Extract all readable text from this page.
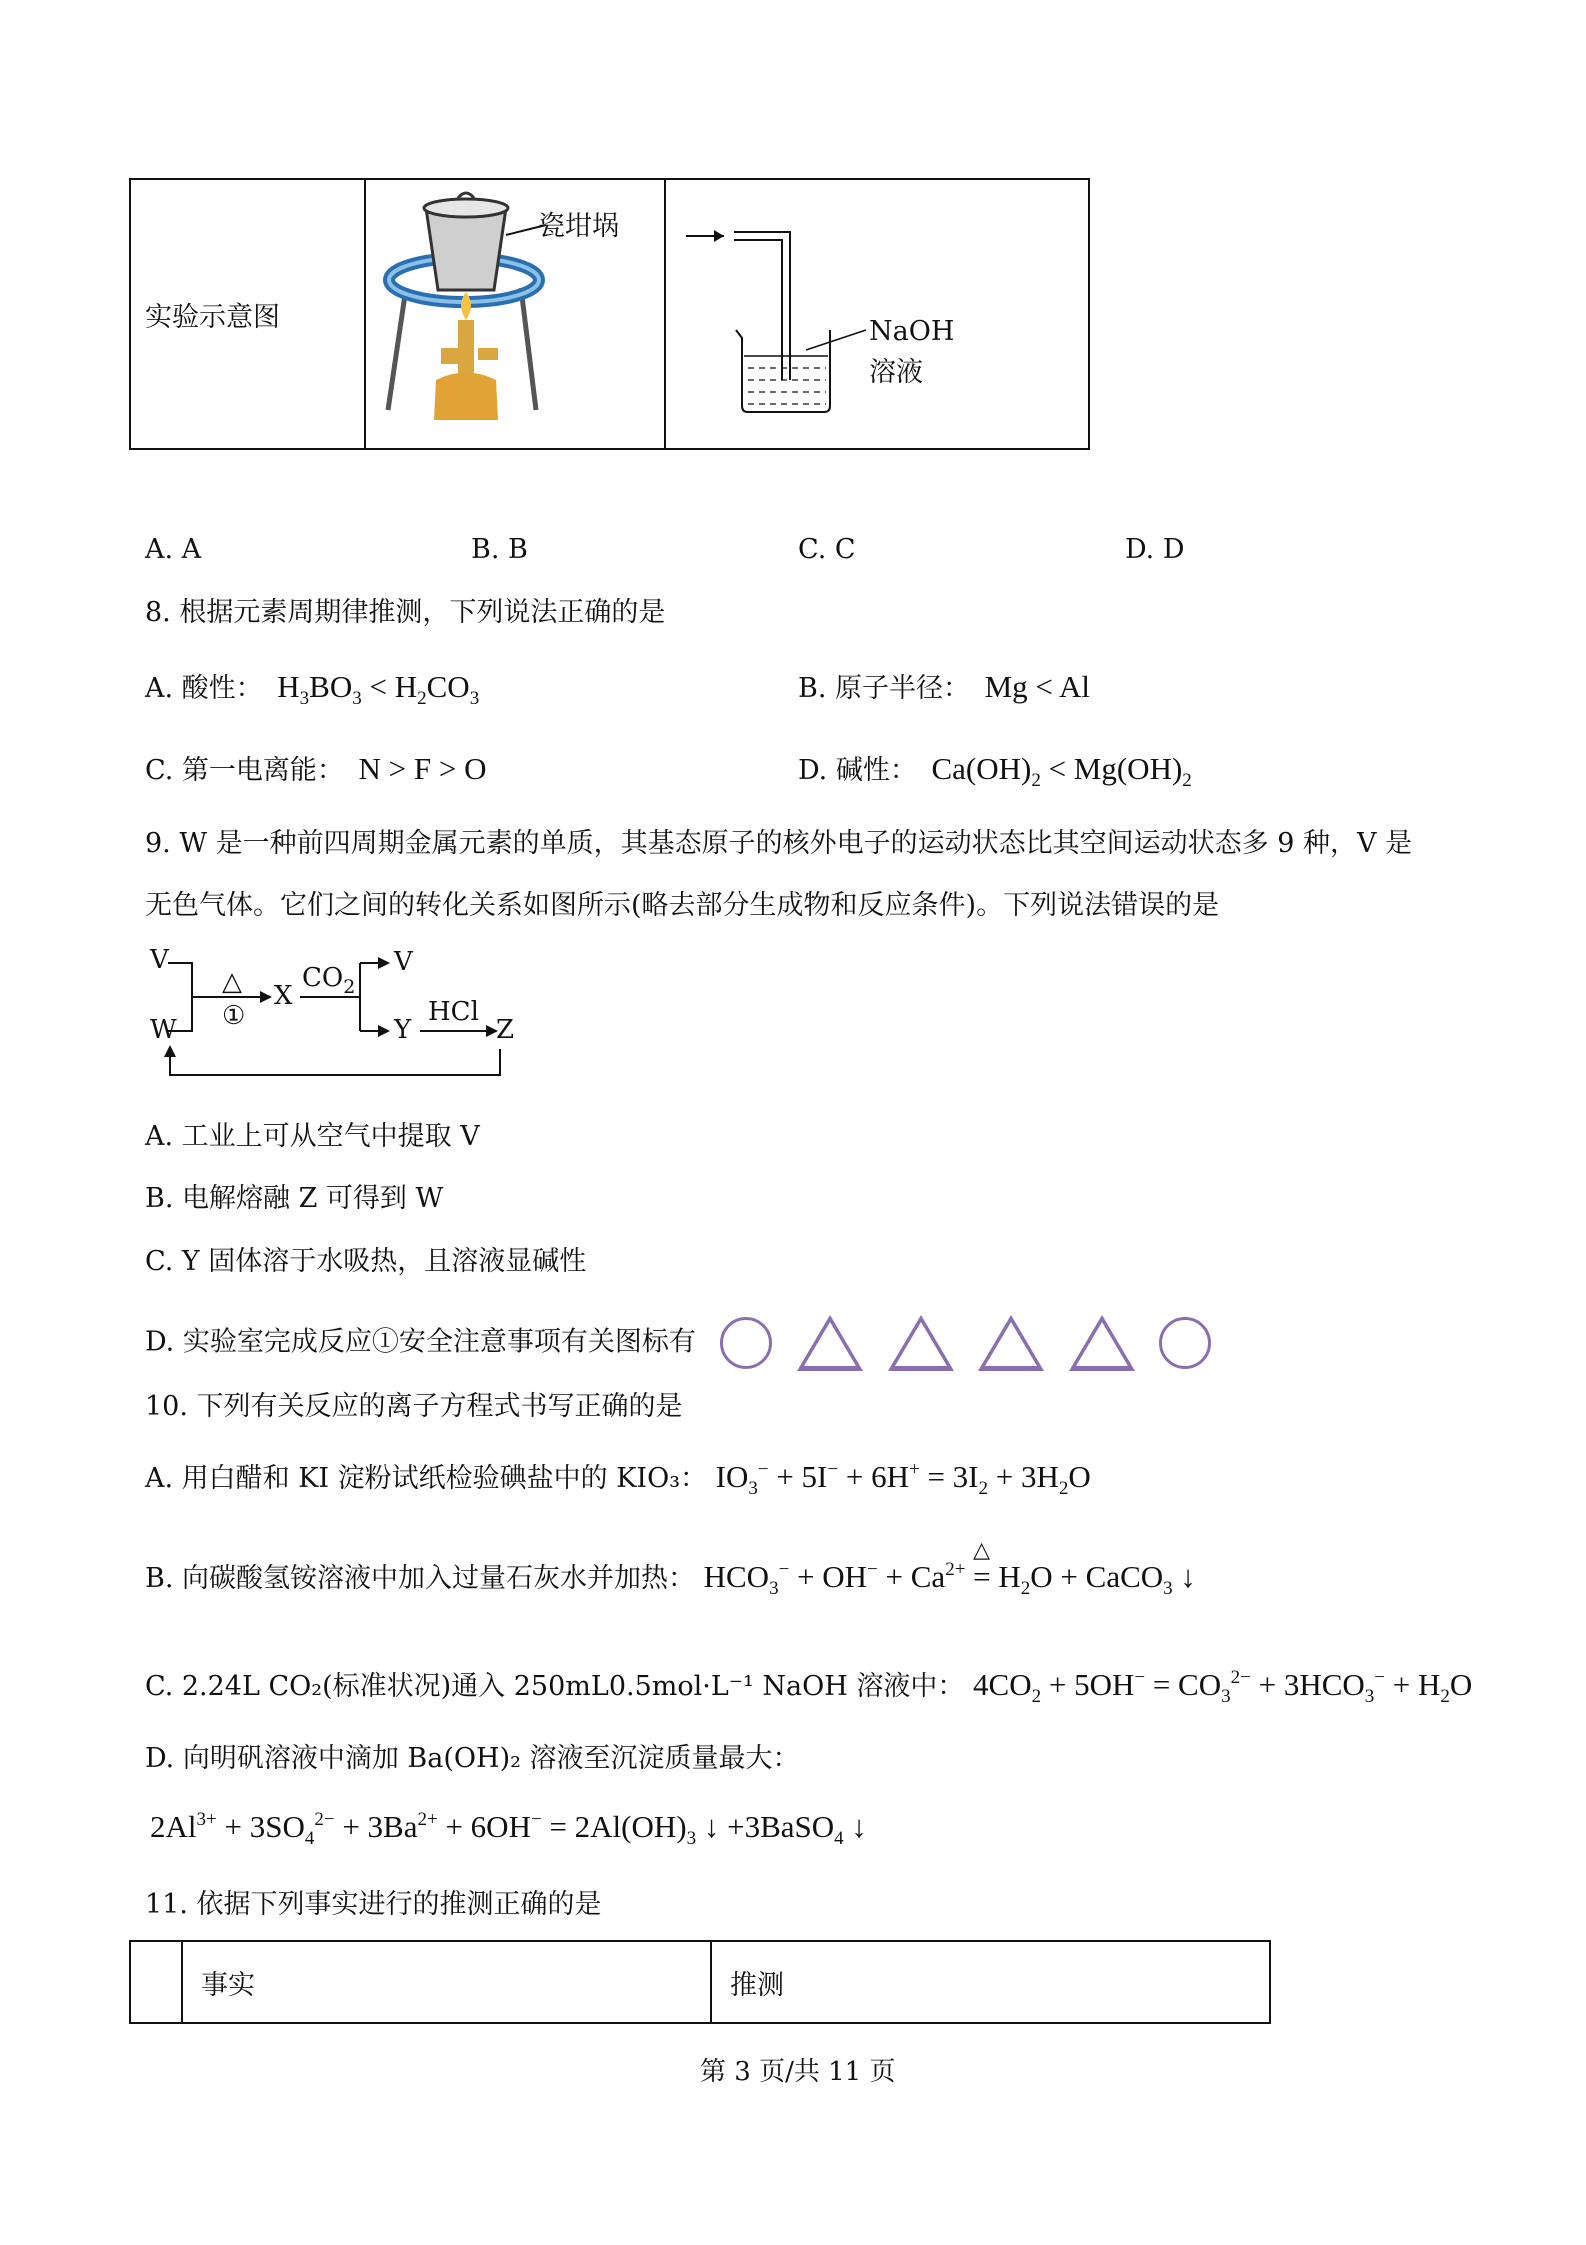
实验示意图	
瓷坩埚

NaOH
溶液
A. A	B. B	C. C	D. D
8. 根据元素周期律推测，下列说法正确的是
A. 酸性： $H_3BO_3 < H_2CO_3$	B. 原子半径： Mg < Al
C. 第一电离能： N > F > O	D. 碱性： $Ca(OH)_2 < Mg(OH)_2$
9. W 是一种前四周期金属元素的单质，其基态原子的核外电子的运动状态比其空间运动状态多 9 种，V 是
无色气体。它们之间的转化关系如图所示(略去部分生成物和反应条件)。下列说法错误的是
V
W
△
①
X
$CO_2$
V
Y
HCl
Z
A. 工业上可从空气中提取 V
B. 电解熔融 Z 可得到 W
C. Y 固体溶于水吸热，且溶液显碱性
D. 实验室完成反应①安全注意事项有关图标有
10. 下列有关反应的离子方程式书写正确的是
A. 用白醋和 KI 淀粉试纸检验碘盐中的 KIO₃： $IO_3^- + 5I^- + 6H^+ = 3I_2 + 3H_2O$
B. 向碳酸氢铵溶液中加入过量石灰水并加热： $HCO_3^- + OH^- + Ca^{2+}$ =
△
$H_2O$ + CaCO$_3$ ↓
C. 2.24L CO₂(标准状况)通入 250mL0.5mol·L⁻¹ NaOH 溶液中： $4CO_2 + 5OH^- = CO_3^{2-} + 3HCO_3^- + H_2O$
D. 向明矾溶液中滴加 Ba(OH)₂ 溶液至沉淀质量最大：
$2Al^{3+} + 3SO_4^{2-} + 3Ba^{2+} + 6OH^- = 2Al(OH)_3$ ↓ +3BaSO$_4$ ↓
11. 依据下列事实进行的推测正确的是
	事实	推测
第 3 页/共 11 页
